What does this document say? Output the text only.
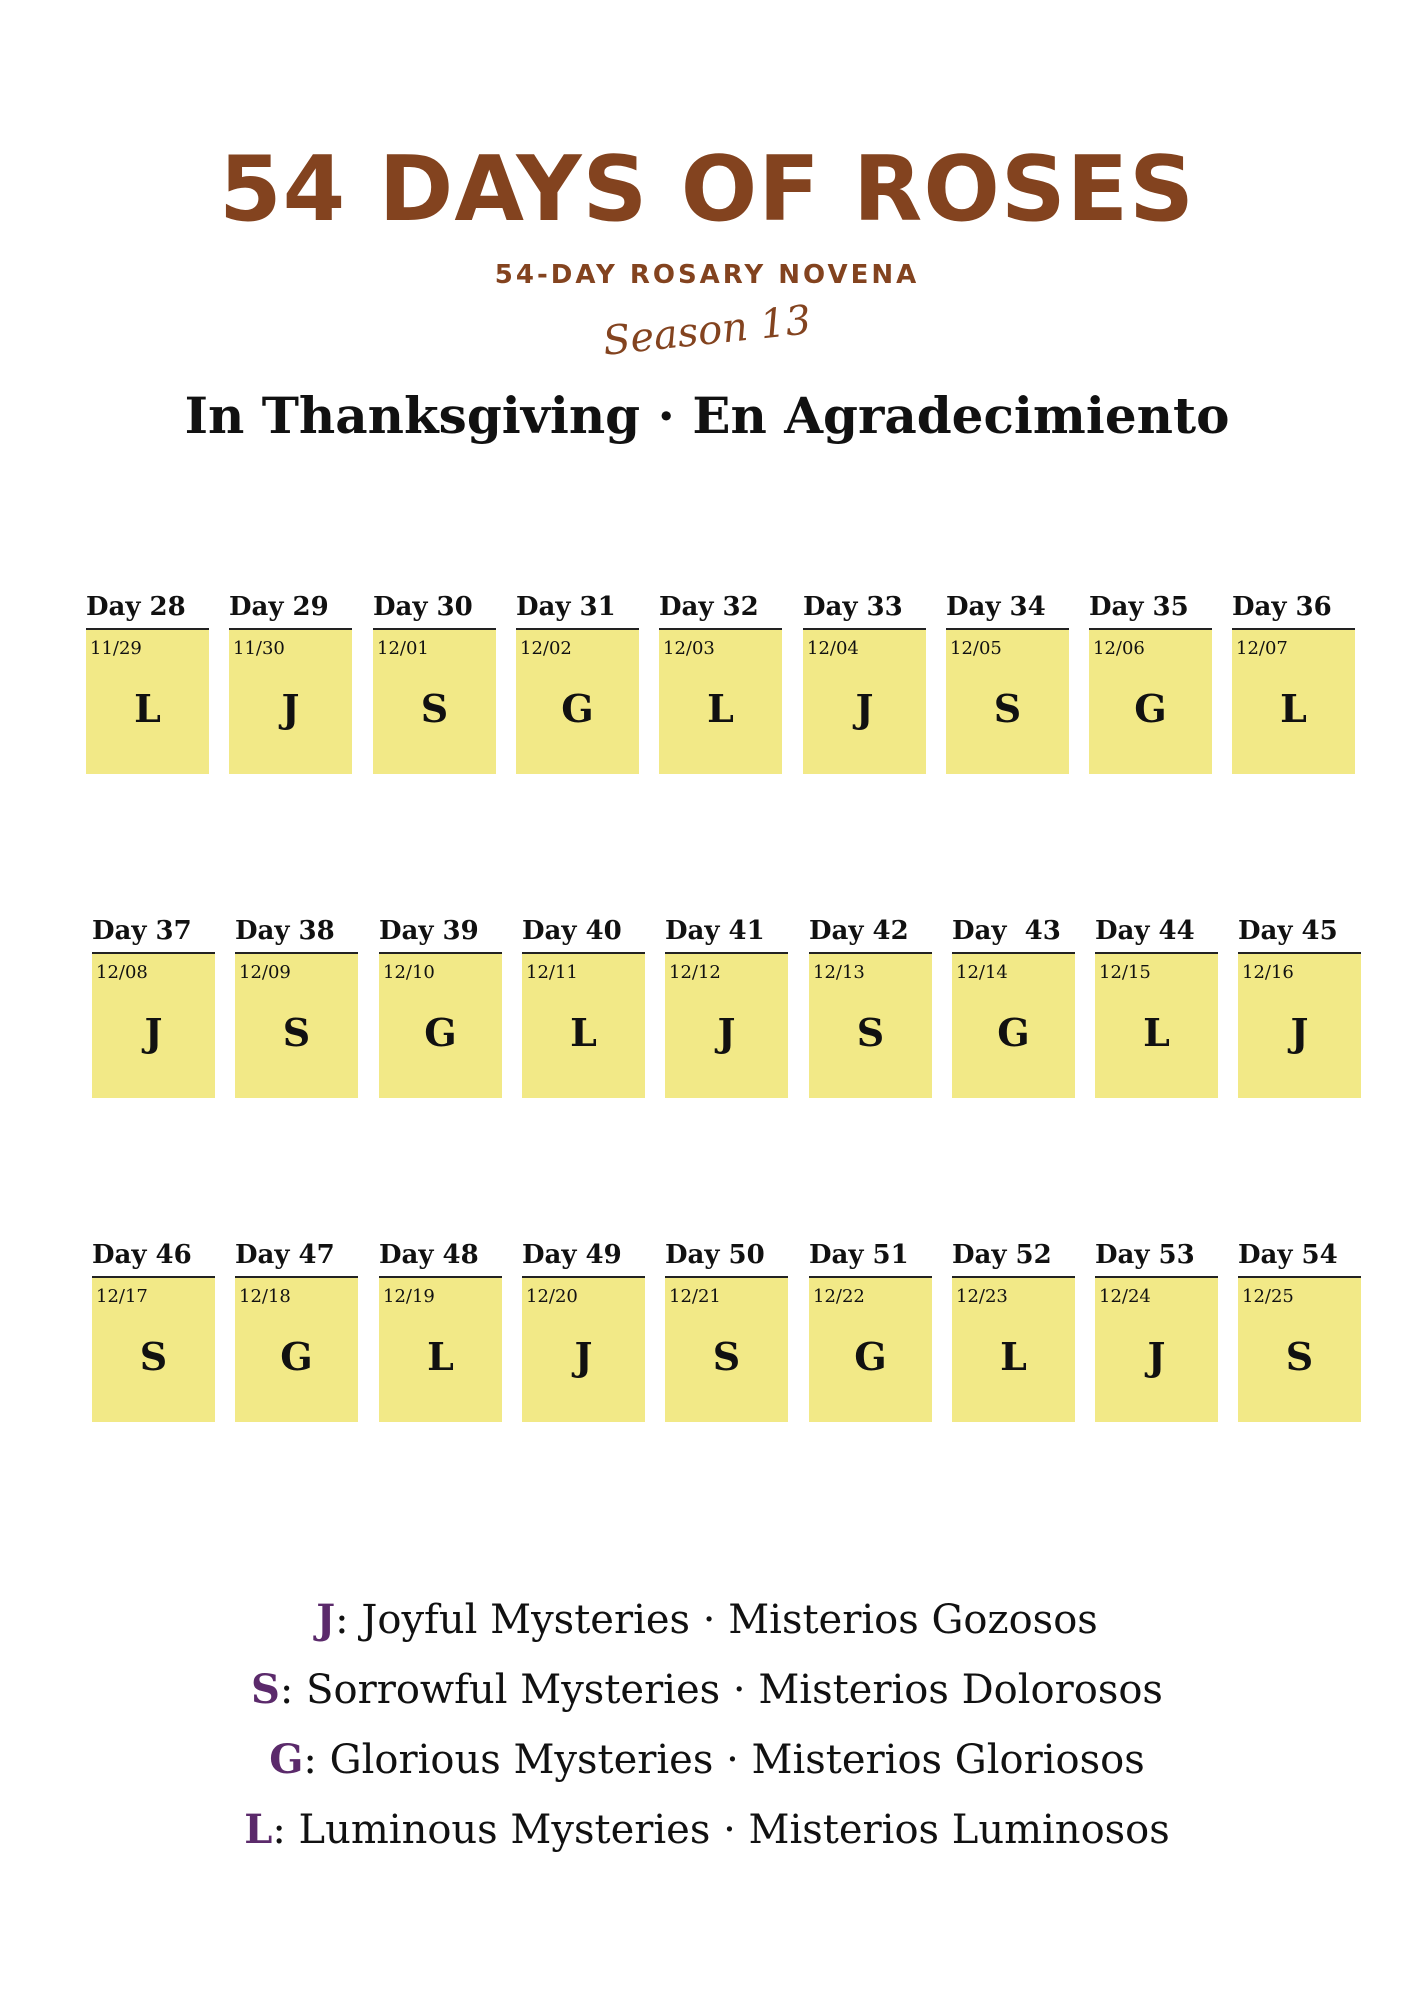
54 DAYS OF ROSES
54-DAY ROSARY NOVENA
Season 13
In Thanksgiving · En Agradecimiento
Day 28
11/29
L
Day 29
11/30
J
Day 30
12/01
S
Day 31
12/02
G
Day 32
12/03
L
Day 33
12/04
J
Day 34
12/05
S
Day 35
12/06
G
Day 36
12/07
L
Day 37
12/08
J
Day 38
12/09
S
Day 39
12/10
G
Day 40
12/11
L
Day 41
12/12
J
Day 42
12/13
S
Day  43
12/14
G
Day 44
12/15
L
Day 45
12/16
J
Day 46
12/17
S
Day 47
12/18
G
Day 48
12/19
L
Day 49
12/20
J
Day 50
12/21
S
Day 51
12/22
G
Day 52
12/23
L
Day 53
12/24
J
Day 54
12/25
S
J: Joyful Mysteries · Misterios Gozosos
S: Sorrowful Mysteries · Misterios Dolorosos
G: Glorious Mysteries · Misterios Gloriosos
L: Luminous Mysteries · Misterios Luminosos
